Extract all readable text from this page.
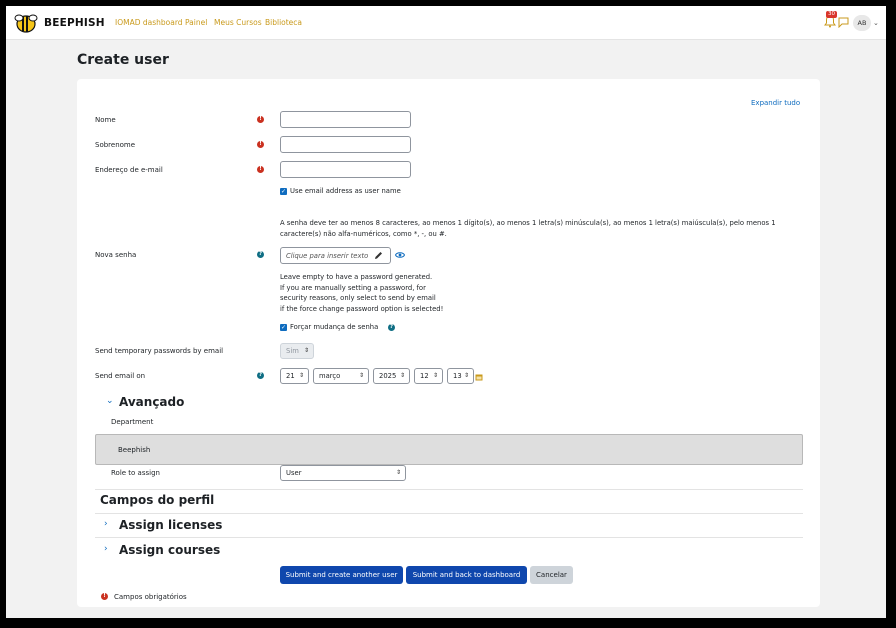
BEEPHISH IOMAD dashboard Painel Meus Cursos Biblioteca
30
AB ⌄
Create user
Expandir tudo
Nome	!
Sobrenome	!
Endereço de e-mail	!
✓ Use email address as user name
A senha deve ter ao menos 8 caracteres, ao menos 1 dígito(s), ao menos 1 letra(s) minúscula(s), ao menos 1 letra(s) maiúscula(s), pelo menos 1
caractere(s) não alfa-numéricos, como *, -, ou #.
Nova senha	?	Clique para inserir texto
Leave empty to have a password generated.
If you are manually setting a password, for
security reasons, only select to send by email
if the force change password option is selected!
✓ Forçar mudança de senha	?
Send temporary passwords by email	Sim ⇕
Send email on	?	21 ⇕	março	⇕	2025 ⇕	12 ⇕	13 ⇕
⌄ Avançado
Department
Beephish
Role to assign	User	⇕
Campos do perfil
› Assign licenses
› Assign courses
Submit and create another user	Submit and back to dashboard	Cancelar
!	Campos obrigatórios
